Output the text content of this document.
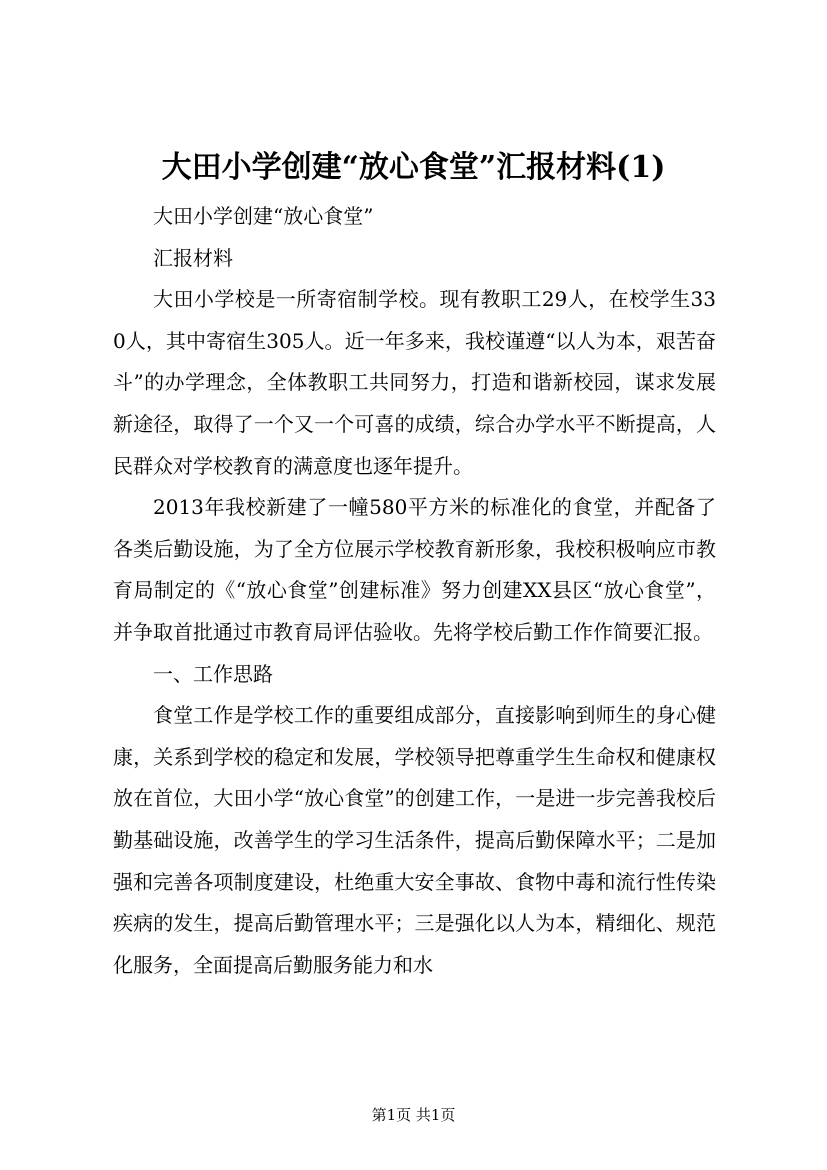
大田小学创建“放心食堂”汇报材料(1)

大田小学创建“放心食堂”

汇报材料

大田小学校是一所寄宿制学校。现有教职工29人，在校学生330人，其中寄宿生305人。近一年多来，我校谨遵“以人为本，艰苦奋斗”的办学理念，全体教职工共同努力，打造和谐新校园，谋求发展新途径，取得了一个又一个可喜的成绩，综合办学水平不断提高，人民群众对学校教育的满意度也逐年提升。

2013年我校新建了一幢580平方米的标准化的食堂，并配备了各类后勤设施，为了全方位展示学校教育新形象，我校积极响应市教育局制定的《“放心食堂”创建标准》努力创建XX县区“放心食堂”，并争取首批通过市教育局评估验收。先将学校后勤工作作简要汇报。

一、工作思路

食堂工作是学校工作的重要组成部分，直接影响到师生的身心健康，关系到学校的稳定和发展，学校领导把尊重学生生命权和健康权放在首位，大田小学“放心食堂”的创建工作，一是进一步完善我校后勤基础设施，改善学生的学习生活条件，提高后勤保障水平；二是加强和完善各项制度建设，杜绝重大安全事故、食物中毒和流行性传染疾病的发生，提高后勤管理水平；三是强化以人为本，精细化、规范化服务，全面提高后勤服务能力和水

第1页 共1页
